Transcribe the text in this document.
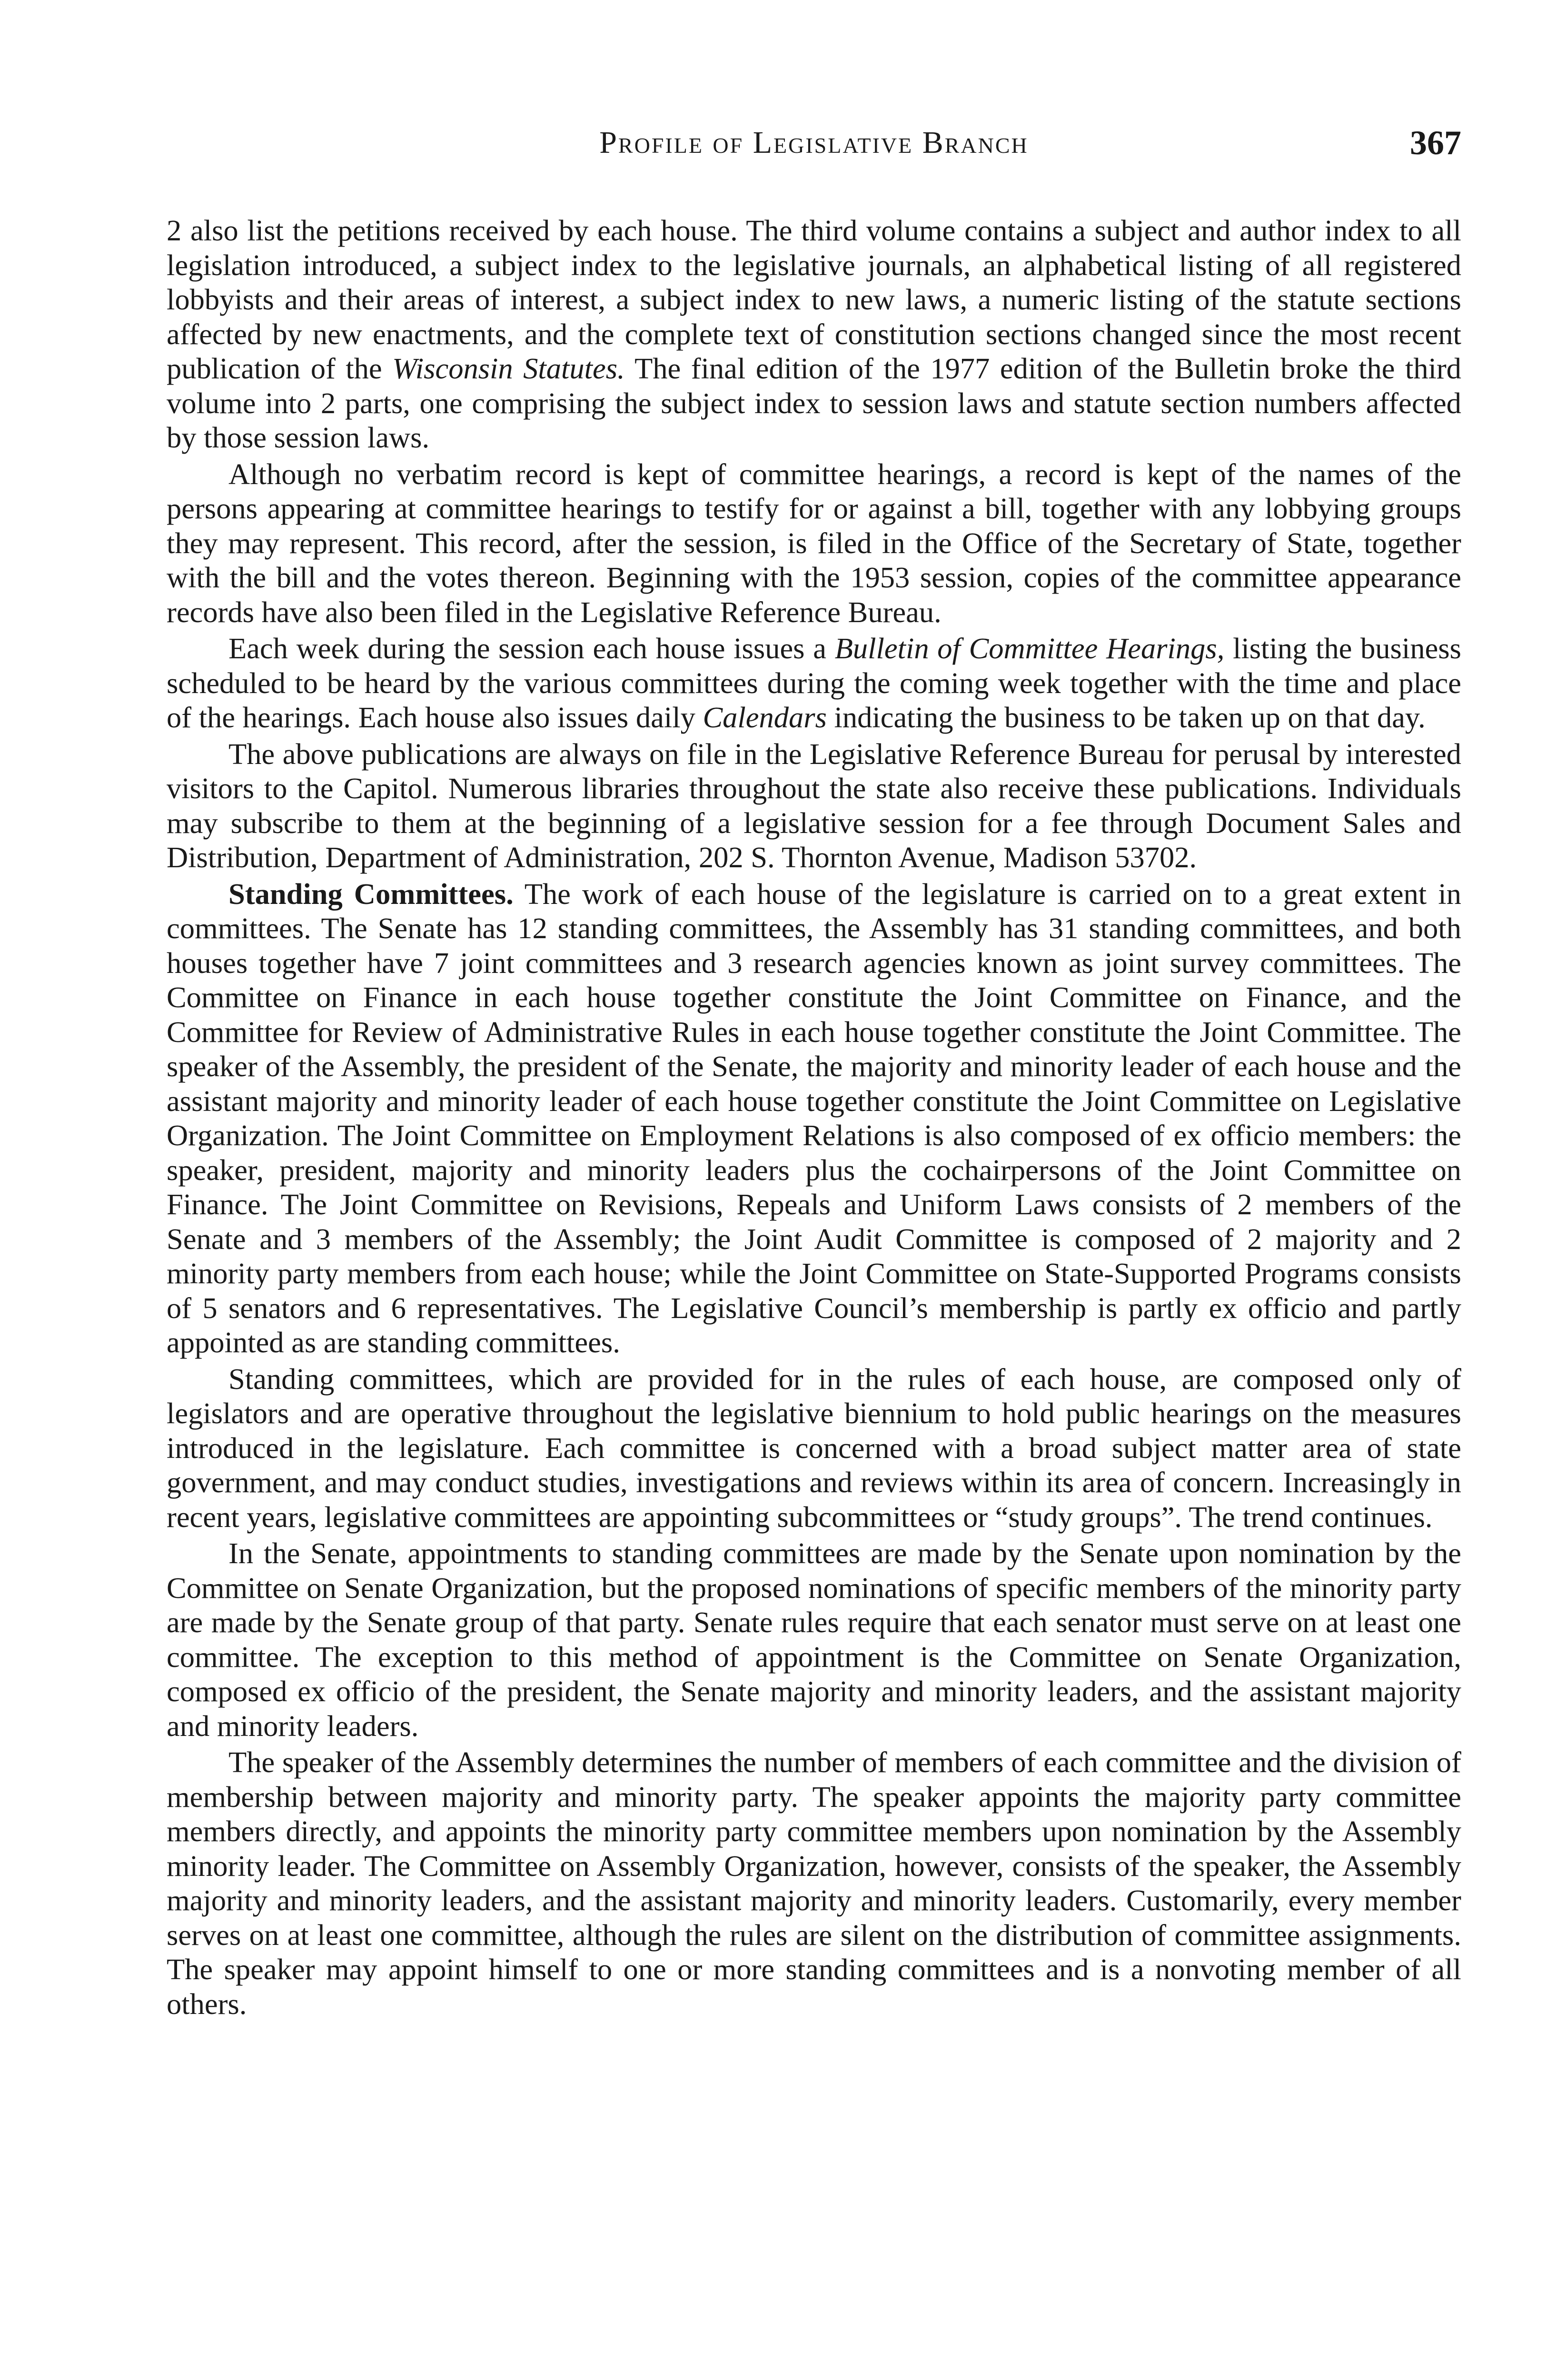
Profile of Legislative Branch	367

2 also list the petitions received by each house. The third volume contains a subject and author index to all legislation introduced, a subject index to the legislative journals, an alphabetical listing of all registered lobbyists and their areas of interest, a subject index to new laws, a numeric listing of the statute sections affected by new enactments, and the complete text of constitution sections changed since the most recent publication of the Wisconsin Statutes. The final edition of the 1977 edition of the Bulletin broke the third volume into 2 parts, one comprising the subject index to session laws and statute section numbers affected by those session laws.

Although no verbatim record is kept of committee hearings, a record is kept of the names of the persons appearing at committee hearings to testify for or against a bill, together with any lobbying groups they may represent. This record, after the session, is filed in the Office of the Secretary of State, together with the bill and the votes thereon. Beginning with the 1953 session, copies of the committee appearance records have also been filed in the Legislative Reference Bureau.

Each week during the session each house issues a Bulletin of Committee Hearings, listing the business scheduled to be heard by the various committees during the coming week together with the time and place of the hearings. Each house also issues daily Calendars indicating the business to be taken up on that day.

The above publications are always on file in the Legislative Reference Bureau for perusal by interested visitors to the Capitol. Numerous libraries throughout the state also receive these publications. Individuals may subscribe to them at the beginning of a legislative session for a fee through Document Sales and Distribution, Department of Administration, 202 S. Thornton Avenue, Madison 53702.

Standing Committees. The work of each house of the legislature is carried on to a great extent in committees. The Senate has 12 standing committees, the Assembly has 31 standing committees, and both houses together have 7 joint committees and 3 research agencies known as joint survey committees. The Committee on Finance in each house together constitute the Joint Committee on Finance, and the Committee for Review of Administrative Rules in each house together constitute the Joint Committee. The speaker of the Assembly, the president of the Senate, the majority and minority leader of each house and the assistant majority and minority leader of each house together constitute the Joint Committee on Legislative Organization. The Joint Committee on Employment Relations is also composed of ex officio members: the speaker, president, majority and minority leaders plus the cochairpersons of the Joint Committee on Finance. The Joint Committee on Revisions, Repeals and Uniform Laws consists of 2 members of the Senate and 3 members of the Assembly; the Joint Audit Committee is composed of 2 majority and 2 minority party members from each house; while the Joint Committee on State-Supported Programs consists of 5 senators and 6 representatives. The Legislative Council’s membership is partly ex officio and partly appointed as are standing committees.

Standing committees, which are provided for in the rules of each house, are composed only of legislators and are operative throughout the legislative biennium to hold public hearings on the measures introduced in the legislature. Each committee is concerned with a broad subject matter area of state government, and may conduct studies, investigations and reviews within its area of concern. Increasingly in recent years, legislative committees are appointing subcommittees or “study groups”. The trend continues.

In the Senate, appointments to standing committees are made by the Senate upon nomination by the Committee on Senate Organization, but the proposed nominations of specific members of the minority party are made by the Senate group of that party. Senate rules require that each senator must serve on at least one committee. The exception to this method of appointment is the Committee on Senate Organization, composed ex officio of the president, the Senate majority and minority leaders, and the assistant majority and minority leaders.

The speaker of the Assembly determines the number of members of each committee and the division of membership between majority and minority party. The speaker appoints the majority party committee members directly, and appoints the minority party committee members upon nomination by the Assembly minority leader. The Committee on Assembly Organization, however, consists of the speaker, the Assembly majority and minority leaders, and the assistant majority and minority leaders. Customarily, every member serves on at least one committee, although the rules are silent on the distribution of committee assignments. The speaker may appoint himself to one or more standing committees and is a nonvoting member of all others.
